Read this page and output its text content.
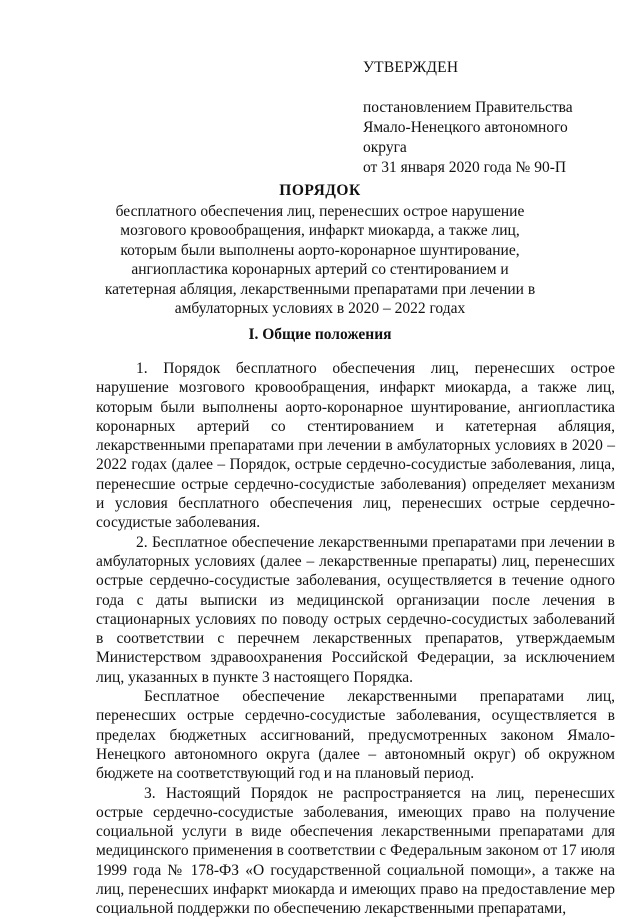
УТВЕРЖДЕН
постановлением Правительства
Ямало-Ненецкого автономного округа
от 31 января 2020 года № 90-П
ПОРЯДОК
бесплатного обеспечения лиц, перенесших острое нарушение мозгового кровообращения, инфаркт миокарда, а также лиц, которым были выполнены аорто-коронарное шунтирование, ангиопластика коронарных артерий со стентированием и катетерная абляция, лекарственными препаратами при лечении в амбулаторных условиях в 2020 – 2022 годах
I. Общие положения

1. Порядок бесплатного обеспечения лиц, перенесших острое нарушение мозгового кровообращения, инфаркт миокарда, а также лиц, которым были выполнены аорто-коронарное шунтирование, ангиопластика коронарных артерий со стентированием и катетерная абляция, лекарственными препаратами при лечении в амбулаторных условиях в 2020 – 2022 годах (далее – Порядок, острые сердечно-сосудистые заболевания, лица, перенесшие острые сердечно-сосудистые заболевания) определяет механизм и условия бесплатного обеспечения лиц, перенесших острые сердечно-сосудистые заболевания.

2. Бесплатное обеспечение лекарственными препаратами при лечении в амбулаторных условиях (далее – лекарственные препараты) лиц, перенесших острые сердечно-сосудистые заболевания, осуществляется в течение одного года с даты выписки из медицинской организации после лечения в стационарных условиях по поводу острых сердечно-сосудистых заболеваний в соответствии с перечнем лекарственных препаратов, утверждаемым Министерством здравоохранения Российской Федерации, за исключением лиц, указанных в пункте 3 настоящего Порядка.

Бесплатное обеспечение лекарственными препаратами лиц, перенесших острые сердечно-сосудистые заболевания, осуществляется в пределах бюджетных ассигнований, предусмотренных законом Ямало-Ненецкого автономного округа (далее – автономный округ) об окружном бюджете на соответствующий год и на плановый период.

3. Настоящий Порядок не распространяется на лиц, перенесших острые сердечно-сосудистые заболевания, имеющих право на получение социальной услуги в виде обеспечения лекарственными препаратами для медицинского применения в соответствии с Федеральным законом от 17 июля 1999 года № 178-ФЗ «О государственной социальной помощи», а также на лиц, перенесших инфаркт миокарда и имеющих право на предоставление мер социальной поддержки по обеспечению лекарственными препаратами,
